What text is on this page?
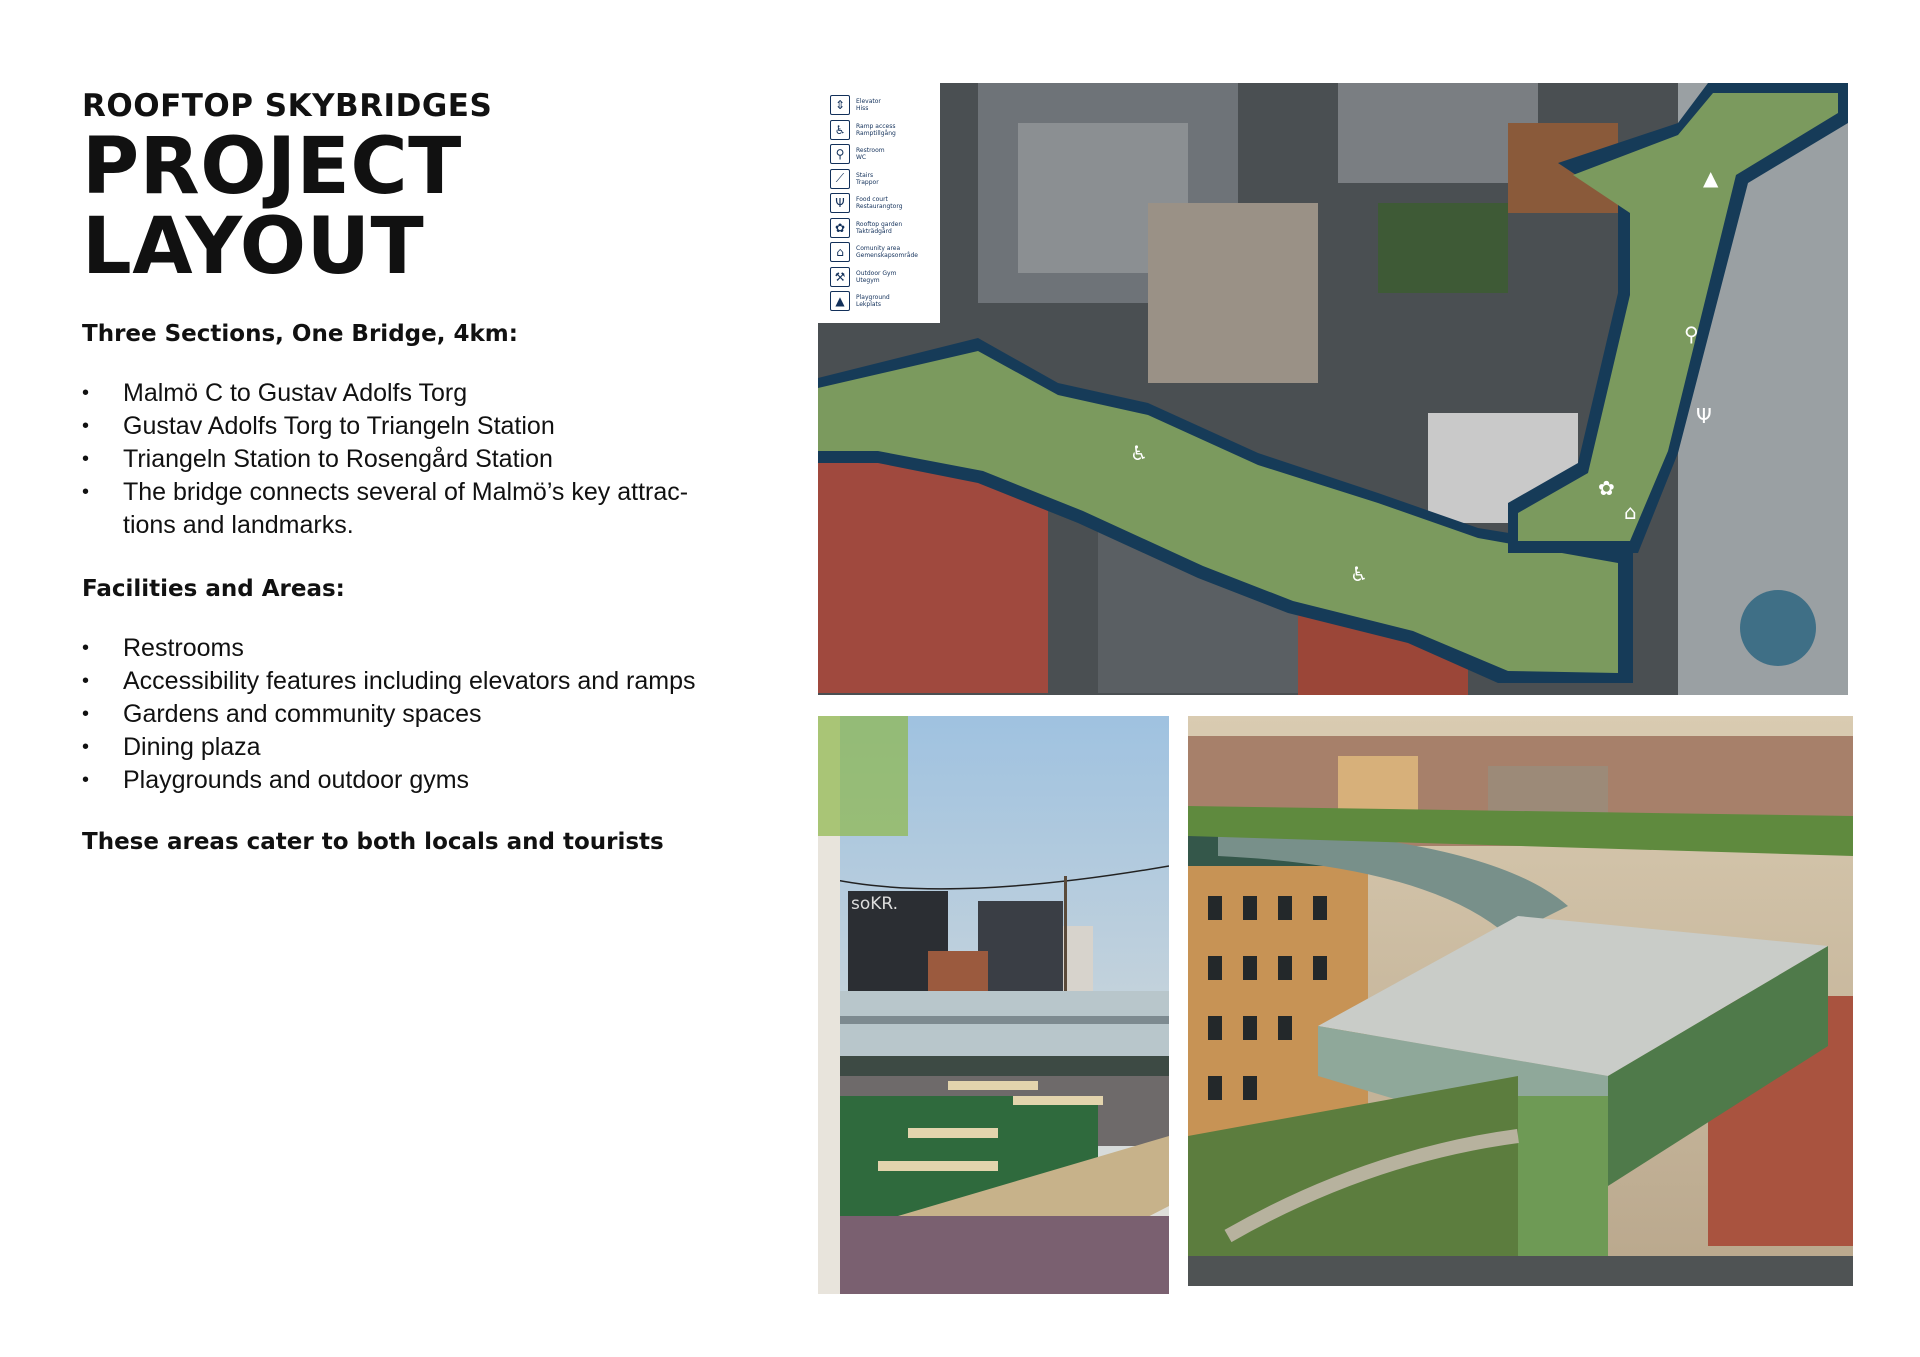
ROOFTOP SKYBRIDGES
PROJECT LAYOUT

Three Sections, One Bridge, 4km:

• Malmö C to Gustav Adolfs Torg
• Gustav Adolfs Torg to Triangeln Station
• Triangeln Station to Rosengård Station
• The bridge connects several of Malmö’s key attrac-tions and landmarks.

Facilities and Areas:

• Restrooms
• Accessibility features including elevators and ramps
• Gardens and community spaces
• Dining plaza
• Playgrounds and outdoor gyms

These areas cater to both locals and tourists

♿
♿
Ψ
⚲
▲
✿
⌂
⇕	Elevator
Hiss
♿	Ramp access
Ramptillgång
⚲	Restroom
WC
⟋	Stairs
Trappor
Ψ	Food court
Restaurangtorg
✿	Rooftop garden
Takträdgård
⌂	Comunity area
Gemenskapsområde
⚒	Outdoor Gym
Utegym
▲	Playground
Lekplats
soKR.
